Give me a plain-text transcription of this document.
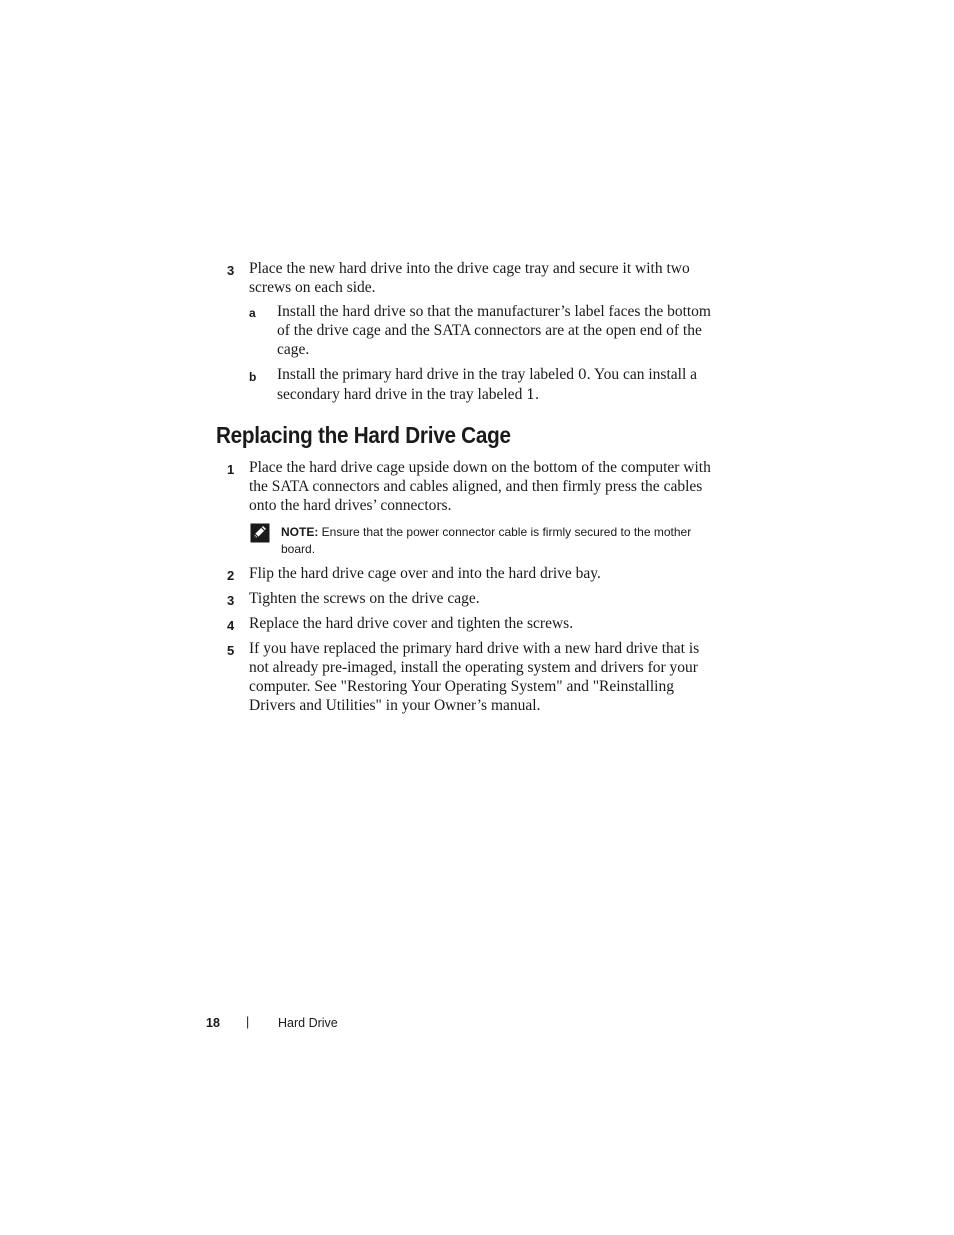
3 Place the new hard drive into the drive cage tray and secure it with two screws on each side.
a Install the hard drive so that the manufacturer’s label faces the bottom of the drive cage and the SATA connectors are at the open end of the cage.
b Install the primary hard drive in the tray labeled 0. You can install a secondary hard drive in the tray labeled 1.
Replacing the Hard Drive Cage
1 Place the hard drive cage upside down on the bottom of the computer with the SATA connectors and cables aligned, and then firmly press the cables onto the hard drives’ connectors.
NOTE: Ensure that the power connector cable is firmly secured to the mother board.
2 Flip the hard drive cage over and into the hard drive bay.
3 Tighten the screws on the drive cage.
4 Replace the hard drive cover and tighten the screws.
5 If you have replaced the primary hard drive with a new hard drive that is not already pre-imaged, install the operating system and drivers for your computer. See "Restoring Your Operating System" and "Reinstalling Drivers and Utilities" in your Owner’s manual.
18 | Hard Drive
